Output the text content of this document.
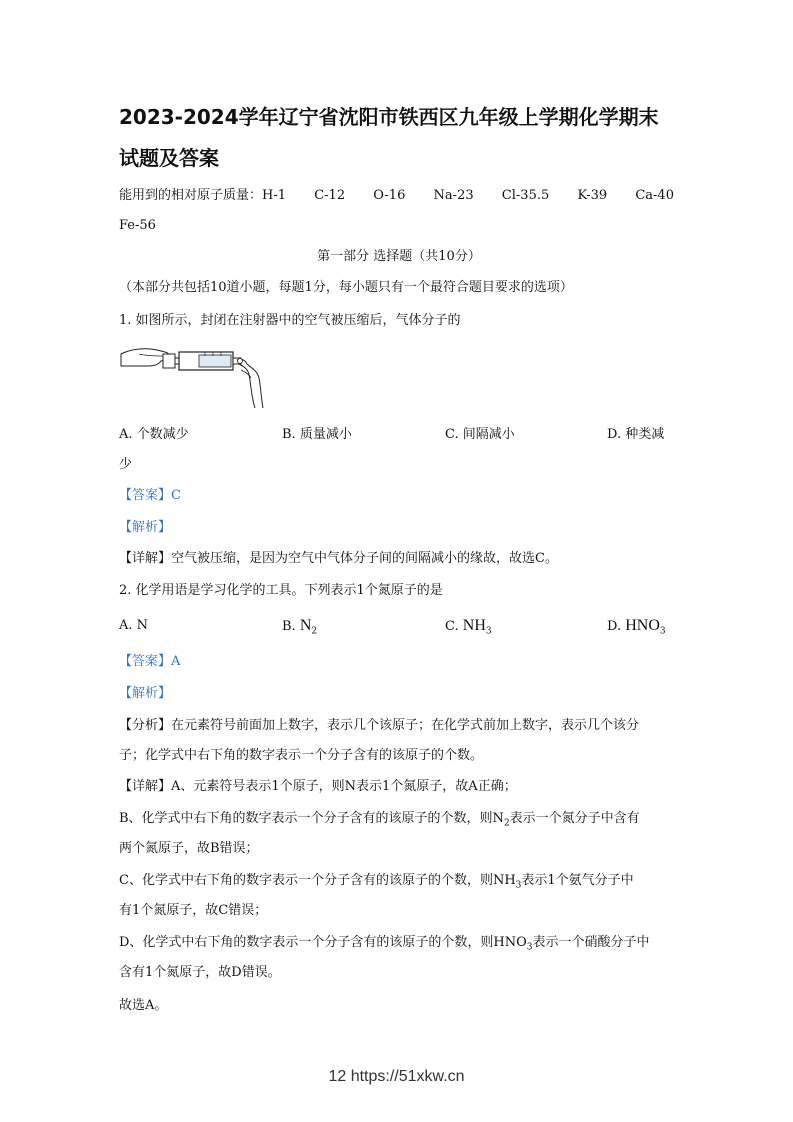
2023-2024学年辽宁省沈阳市铁西区九年级上学期化学期末
试题及答案
能用到的相对原子质量：H-1 C-12 O-16 Na-23 Cl-35.5 K-39 Ca-40
Fe-56
第一部分 选择题（共10分）
（本部分共包括10道小题，每题1分，每小题只有一个最符合题目要求的选项）
1. 如图所示，封闭在注射器中的空气被压缩后，气体分子的
A. 个数减少	B. 质量减小	C. 间隔减小	D. 种类减
少
【答案】C
【解析】
【详解】空气被压缩，是因为空气中气体分子间的间隔减小的缘故，故选C。
2. 化学用语是学习化学的工具。下列表示1个氮原子的是
A. N	B. $N_2$	C. $NH_3$	D. $HNO_3$
【答案】A
【解析】
【分析】在元素符号前面加上数字，表示几个该原子；在化学式前加上数字，表示几个该分
子；化学式中右下角的数字表示一个分子含有的该原子的个数。
【详解】A、元素符号表示1个原子，则N表示1个氮原子，故A正确；
B、化学式中右下角的数字表示一个分子含有的该原子的个数，则$N_2$表示一个氮分子中含有
两个氮原子，故B错误；
C、化学式中右下角的数字表示一个分子含有的该原子的个数，则$NH_3$表示1个氨气分子中
有1个氮原子，故C错误；
D、化学式中右下角的数字表示一个分子含有的该原子的个数，则$HNO_3$表示一个硝酸分子中
含有1个氮原子，故D错误。
故选A。
12 https://51xkw.cn
